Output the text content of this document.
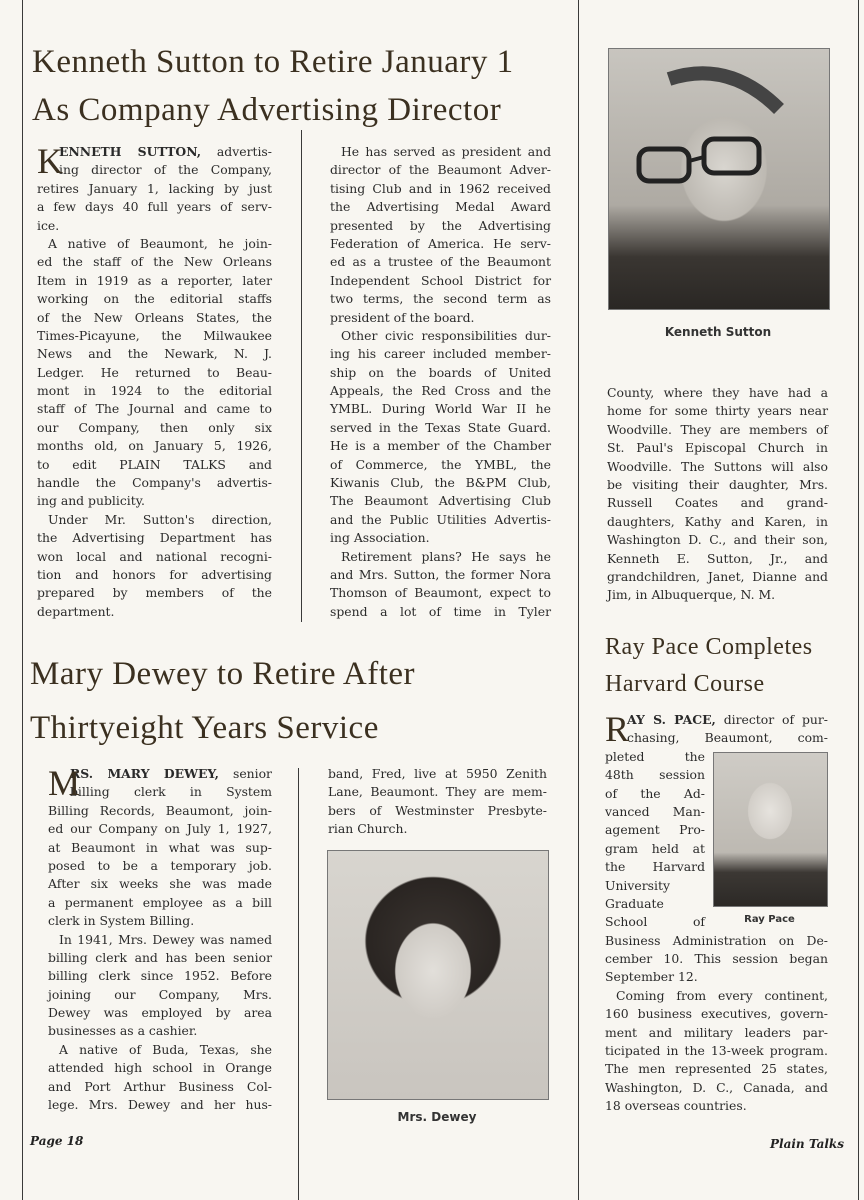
Kenneth Sutton to Retire January 1
As Company Advertising Director
K
ENNETH SUTTON, advertis-
ing director of the Company,
retires January 1, lacking by just
a few days 40 full years of serv-
ice.
A native of Beaumont, he join-
ed the staff of the New Orleans
Item in 1919 as a reporter, later
working on the editorial staffs
of the New Orleans States, the
Times-Picayune, the Milwaukee
News and the Newark, N. J.
Ledger. He returned to Beau-
mont in 1924 to the editorial
staff of The Journal and came to
our Company, then only six
months old, on January 5, 1926,
to edit PLAIN TALKS and
handle the Company's advertis-
ing and publicity.
Under Mr. Sutton's direction,
the Advertising Department has
won local and national recogni-
tion and honors for advertising
prepared by members of the
department.
He has served as president and
director of the Beaumont Adver-
tising Club and in 1962 received
the Advertising Medal Award
presented by the Advertising
Federation of America. He serv-
ed as a trustee of the Beaumont
Independent School District for
two terms, the second term as
president of the board.
Other civic responsibilities dur-
ing his career included member-
ship on the boards of United
Appeals, the Red Cross and the
YMBL. During World War II he
served in the Texas State Guard.
He is a member of the Chamber
of Commerce, the YMBL, the
Kiwanis Club, the B&PM Club,
The Beaumont Advertising Club
and the Public Utilities Advertis-
ing Association.
Retirement plans? He says he
and Mrs. Sutton, the former Nora
Thomson of Beaumont, expect to
spend a lot of time in Tyler
Kenneth Sutton
County, where they have had a
home for some thirty years near
Woodville. They are members of
St. Paul's Episcopal Church in
Woodville. The Suttons will also
be visiting their daughter, Mrs.
Russell Coates and grand-
daughters, Kathy and Karen, in
Washington D. C., and their son,
Kenneth E. Sutton, Jr., and
grandchildren, Janet, Dianne and
Jim, in Albuquerque, N. M.
Mary Dewey to Retire After
Thirtyeight Years Service
M
RS. MARY DEWEY, senior
billing clerk in System
Billing Records, Beaumont, join-
ed our Company on July 1, 1927,
at Beaumont in what was sup-
posed to be a temporary job.
After six weeks she was made
a permanent employee as a bill
clerk in System Billing.
In 1941, Mrs. Dewey was named
billing clerk and has been senior
billing clerk since 1952. Before
joining our Company, Mrs.
Dewey was employed by area
businesses as a cashier.
A native of Buda, Texas, she
attended high school in Orange
and Port Arthur Business Col-
lege. Mrs. Dewey and her hus-
band, Fred, live at 5950 Zenith
Lane, Beaumont. They are mem-
bers of Westminster Presbyte-
rian Church.
Mrs. Dewey
Ray Pace Completes
Harvard Course
R
AY S. PACE, director of pur-
chasing, Beaumont, com-
pleted the
48th session
of the Ad-
vanced Man-
agement Pro-
gram held at
the Harvard
University
Graduate
School of
Business Administration on De-
cember 10. This session began
September 12.
Coming from every continent,
160 business executives, govern-
ment and military leaders par-
ticipated in the 13-week program.
The men represented 25 states,
Washington, D. C., Canada, and
18 overseas countries.
Ray Pace
Page 18	Plain Talks
